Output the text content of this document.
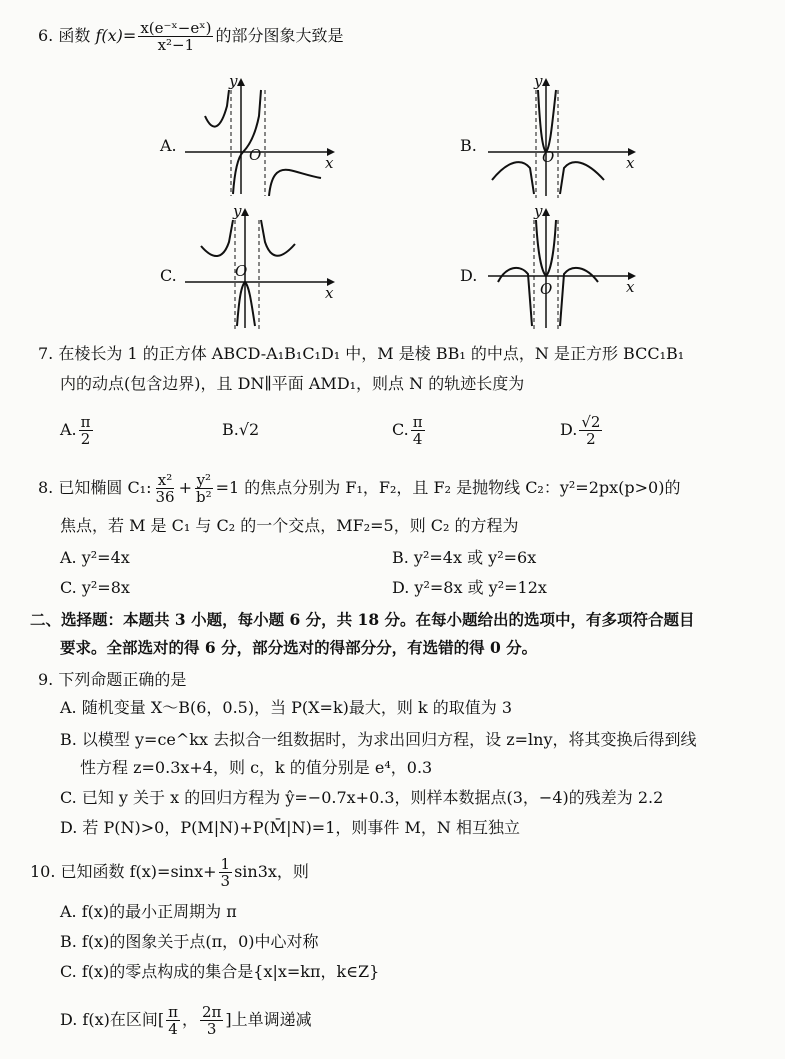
6. 函数 $f(x)= \frac{\text{x(e⁻ˣ−eˣ)}}{\text{x²−1}}$ 的部分图象大致是
A.
y
x
O	B.
y
x
O
C.
y
x
O	D.
y
x
O
7. 在棱长为 1 的正方体 ABCD-A₁B₁C₁D₁ 中，M 是棱 BB₁ 的中点，N 是正方形 BCC₁B₁
内的动点(包含边界)，且 DN∥平面 AMD₁，则点 N 的轨迹长度为
A. $\frac{\pi}{2}$	B.√2	C. $\frac{\pi}{4}$	D. $\frac{√2}{2}$
8. 已知椭圆 C₁: $\frac{\text{x²}}{36} + \frac{\text{y²}}{\text{b²}} =1$ 的焦点分别为 F₁，F₂，且 F₂ 是抛物线 C₂：y²=2px(p>0)的
焦点，若 M 是 C₁ 与 C₂ 的一个交点，MF₂=5，则 C₂ 的方程为
A. y²=4x	B. y²=4x 或 y²=6x
C. y²=8x	D. y²=8x 或 y²=12x
二、选择题：本题共 3 小题，每小题 6 分，共 18 分。在每小题给出的选项中，有多项符合题目
要求。全部选对的得 6 分，部分选对的得部分分，有选错的得 0 分。
9. 下列命题正确的是
A. 随机变量 X～B(6，0.5)，当 P(X=k)最大，则 k 的取值为 3
B. 以模型 y=ce^kx 去拟合一组数据时，为求出回归方程，设 z=lny，将其变换后得到线
性方程 z=0.3x+4，则 c，k 的值分别是 e⁴，0.3
C. 已知 y 关于 x 的回归方程为 ŷ=−0.7x+0.3，则样本数据点(3，−4)的残差为 2.2
D. 若 P(N)>0，P(M|N)+P(M̄|N)=1，则事件 M，N 相互独立
10. 已知函数 $f(x)=\sin x+ \frac{1}{3} \sin 3x$，则
A. f(x)的最小正周期为 π
B. f(x)的图象关于点(π，0)中心对称
C. f(x)的零点构成的集合是{x|x=kπ，k∈Z}
D. f(x)在区间[ $\frac{\pi}{4}$ ， $\frac{2\pi}{3}$ ]上单调递减
